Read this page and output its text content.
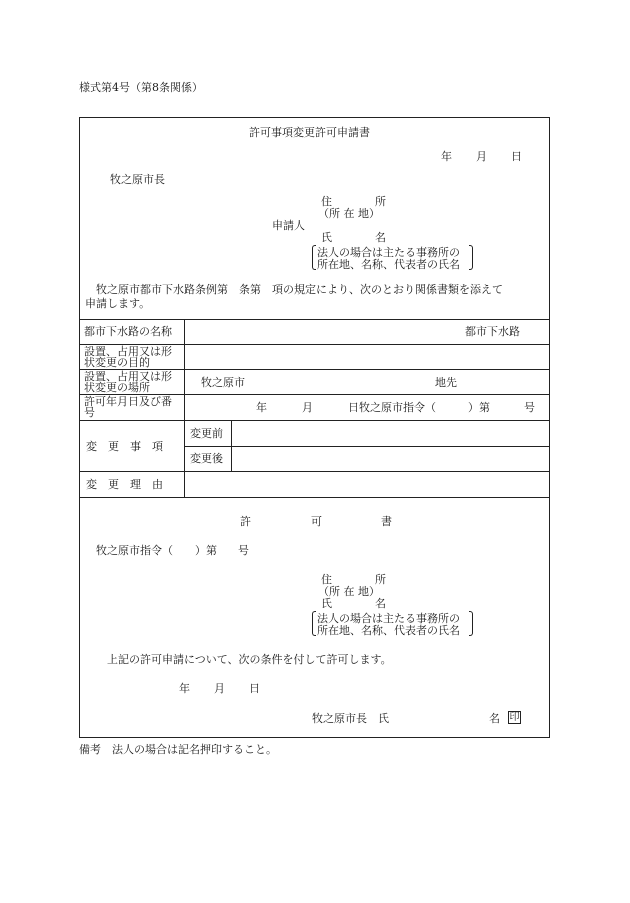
様式第4号（第8条関係）
許可事項変更許可申請書
年 月 日
牧之原市長
住	所
（所 在 地）
申請人
氏	名
法人の場合は主たる事務所の
所在地、名称、代表者の氏名
牧之原市都市下水路条例第　条第　項の規定により、次のとおり関係書類を添えて
申請します。
都市下水路の名称	都市下水路
設置、占用又は形状変更の目的
設置、占用又は形状変更の場所	牧之原市	地先
許可年月日及び番号	年	月	日牧之原市指令（	）第	号
変　更　事　項
変更前
変更後
変　更　理　由
許	可	書
牧之原市指令（ ）第 号
住	所
（所 在 地）
氏	名
法人の場合は主たる事務所の
所在地、名称、代表者の氏名
上記の許可申請について、次の条件を付して許可します。
年 月 日
牧之原市長　氏	名 印
備考　法人の場合は記名押印すること。
